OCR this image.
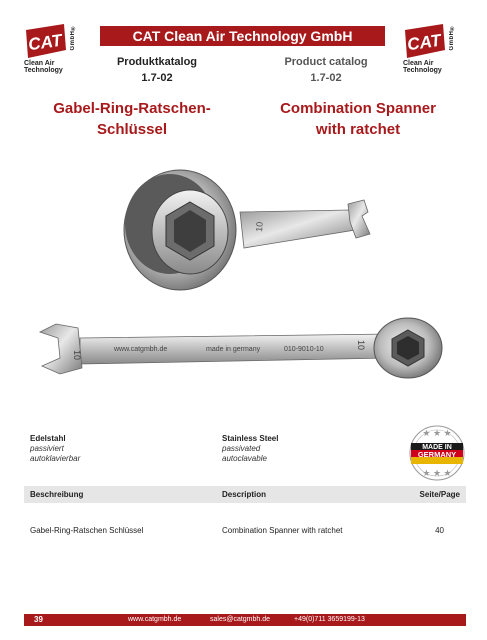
CAT GmbH®
Clean Air
Technology
CAT GmbH®
Clean Air
Technology
CAT Clean Air Technology GmbH
Produktkatalog
1.7-02
Product catalog
1.7-02
Gabel-Ring-Ratschen-
Schlüssel
Combination Spanner
with ratchet
10
10
www.catgmbh.de	made in germany	010-9010-10	10
Edelstahl
passiviert
autoklavierbar
Stainless Steel
passivated
autoclavable
MADE IN
GERMANY
★ ★ ★
★ ★ ★
Beschreibung	Description	Seite/Page
Gabel-Ring-Ratschen Schlüssel	Combination Spanner with ratchet	40
39	www.catgmbh.de	sales@catgmbh.de	+49(0)711 3659199-13
